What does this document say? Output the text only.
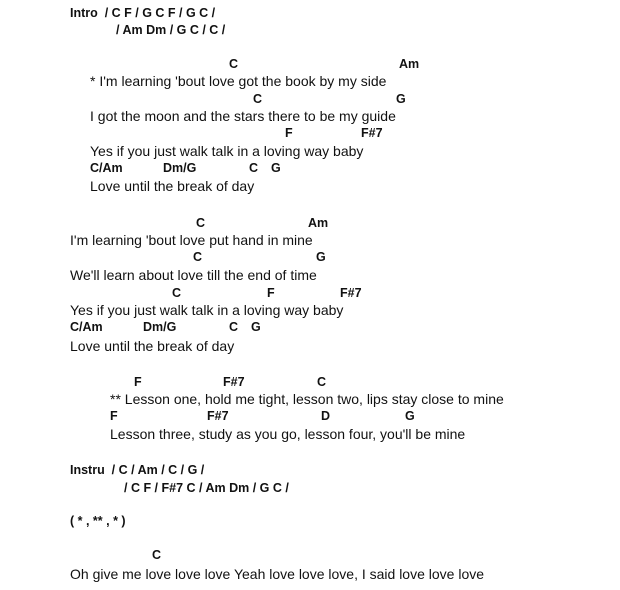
Intro  / C F / G C F / G C /
/ Am Dm / G C / C /
C	Am
* I'm learning 'bout love got the book by my side
C	G
I got the moon and the stars there to be my guide
F	F#7
Yes if you just walk talk in a loving way baby
C/Am	Dm/G	C G
Love until the break of day
C	Am
I'm learning 'bout love put hand in mine
C	G
We'll learn about love till the end of time
C	F	F#7
Yes if you just walk talk in a loving way baby
C/Am	Dm/G	C G
Love until the break of day
F	F#7	C
** Lesson one, hold me tight, lesson two, lips stay close to mine
F	F#7	D	G
Lesson three, study as you go, lesson four, you'll be mine
Instru  / C / Am / C / G /
/ C F / F#7 C / Am Dm / G C /
( * , ** , * )
C
Oh give me love love love Yeah love love love, I said love love love
